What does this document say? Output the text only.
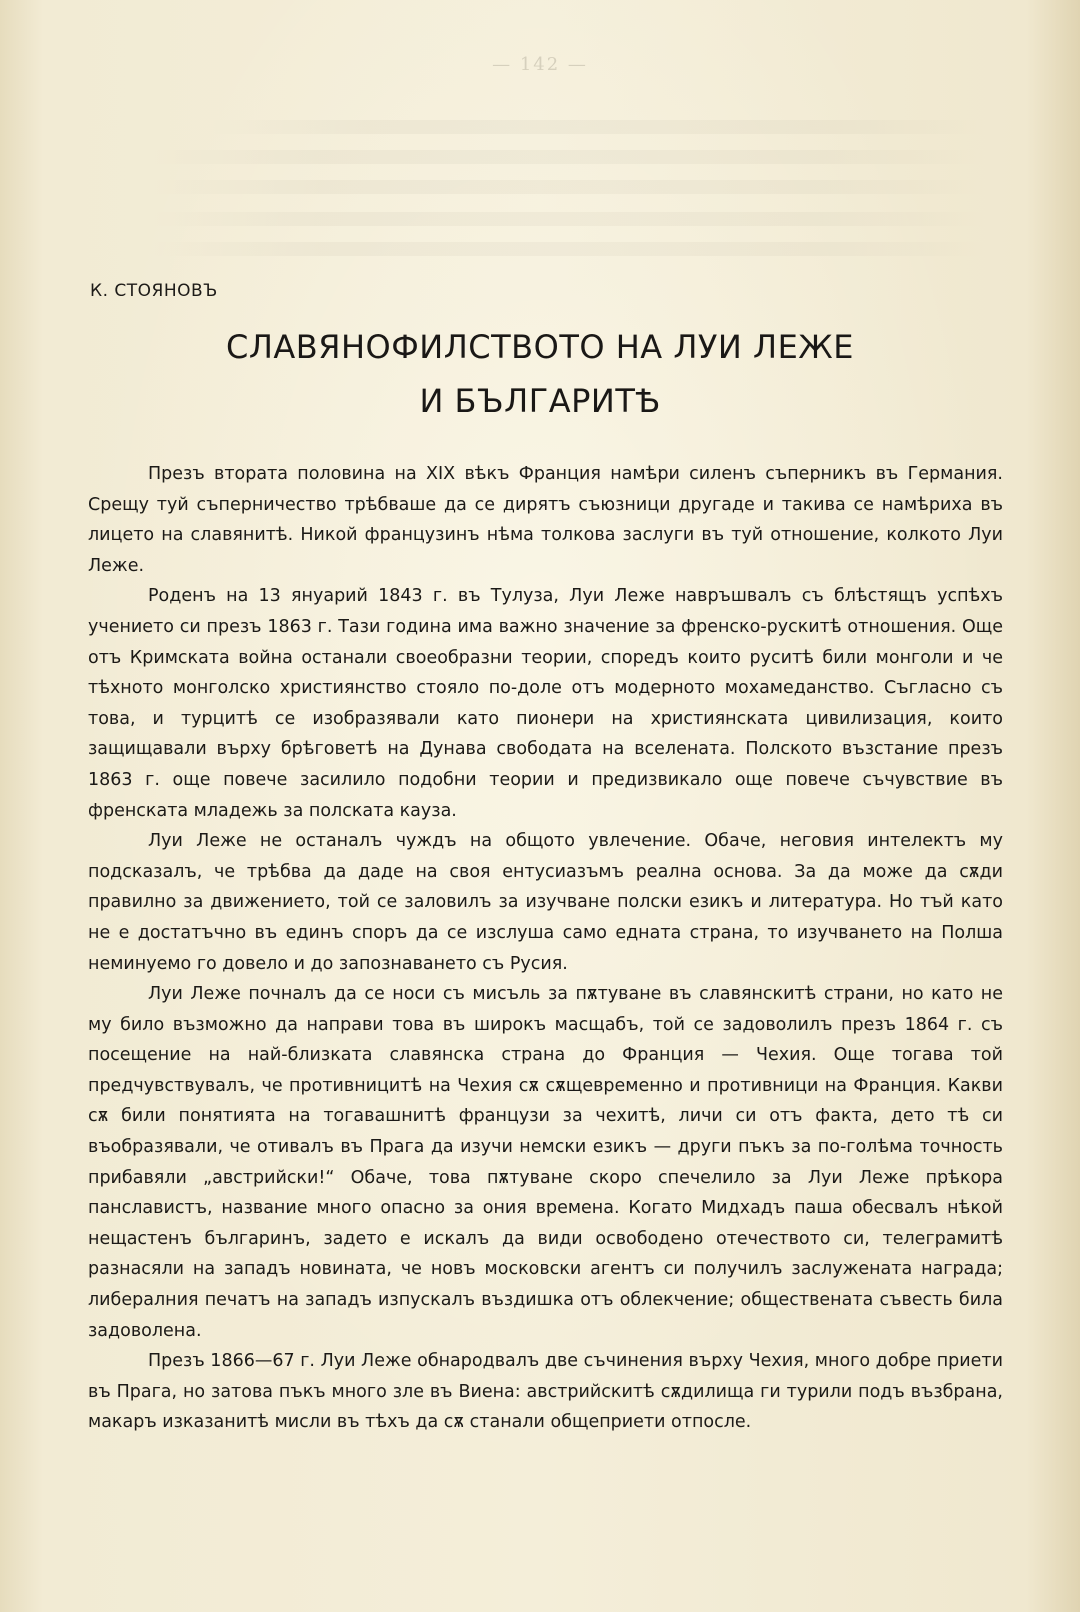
— 142 —
К. СТОЯНОВЪ
СЛАВЯНОФИЛСТВОТО НА ЛУИ ЛЕЖЕ
И БЪЛГАРИТѢ

Презъ втората половина на XIX вѣкъ Франция намѣри силенъ съперникъ въ Германия. Срещу туй съперничество трѣбваше да се дирятъ съюзници другаде и такива се намѣриха въ лицето на славянитѣ. Никой французинъ нѣма толкова заслуги въ туй отношение, колкото Луи Леже.

Роденъ на 13 януарий 1843 г. въ Тулуза, Луи Леже навръшвалъ съ блѣстящъ успѣхъ учението си презъ 1863 г. Тази година има важно значение за френско-рускитѣ отношения. Още отъ Кримската война останали своеобразни теории, споредъ които руситѣ били монголи и че тѣхното монголско християнство стояло по-доле отъ модерното мохамеданство. Съгласно съ това, и турцитѣ се изобразявали като пионери на християнската цивилизация, които защищавали върху брѣговетѣ на Дунава свободата на вселената. Полското възстание презъ 1863 г. още повече засилило подобни теории и предизвикало още повече съчувствие въ френската младежь за полската кауза.

Луи Леже не останалъ чуждъ на общото увлечение. Обаче, неговия интелектъ му подсказалъ, че трѣбва да даде на своя ентусиазъмъ реална основа. За да може да сѫди правилно за движението, той се заловилъ за изучване полски езикъ и литература. Но тъй като не е достатъчно въ единъ споръ да се изслуша само едната страна, то изучването на Полша неминуемо го довело и до запознаването съ Русия.

Луи Леже почналъ да се носи съ мисъль за пѫтуване въ славянскитѣ страни, но като не му било възможно да направи това въ широкъ масщабъ, той се задоволилъ презъ 1864 г. съ посещение на най-близката славянска страна до Франция — Чехия. Още тогава той предчувствувалъ, че противницитѣ на Чехия сѫ сѫщевременно и противници на Франция. Какви сѫ били понятията на тогавашнитѣ французи за чехитѣ, личи си отъ факта, дето тѣ си въобразявали, че отивалъ въ Прага да изучи немски езикъ — други пъкъ за по-голѣма точность прибавяли „австрийски!“ Обаче, това пѫтуване скоро спечелило за Луи Леже прѣкора панславистъ, название много опасно за ония времена. Когато Мидхадъ паша обесвалъ нѣкой нещастенъ българинъ, задето е искалъ да види освободено отечеството си, телеграмитѣ разнасяли на западъ новината, че новъ московски агентъ си получилъ заслужената награда; либералния печатъ на западъ изпускалъ въздишка отъ облекчение; обществената съвесть била задоволена.

Презъ 1866—67 г. Луи Леже обнародвалъ две съчинения върху Чехия, много добре приети въ Прага, но затова пъкъ много зле въ Виена: австрийскитѣ сѫдилища ги турили подъ възбрана, макаръ изказанитѣ мисли въ тѣхъ да сѫ станали общеприети отпосле.
